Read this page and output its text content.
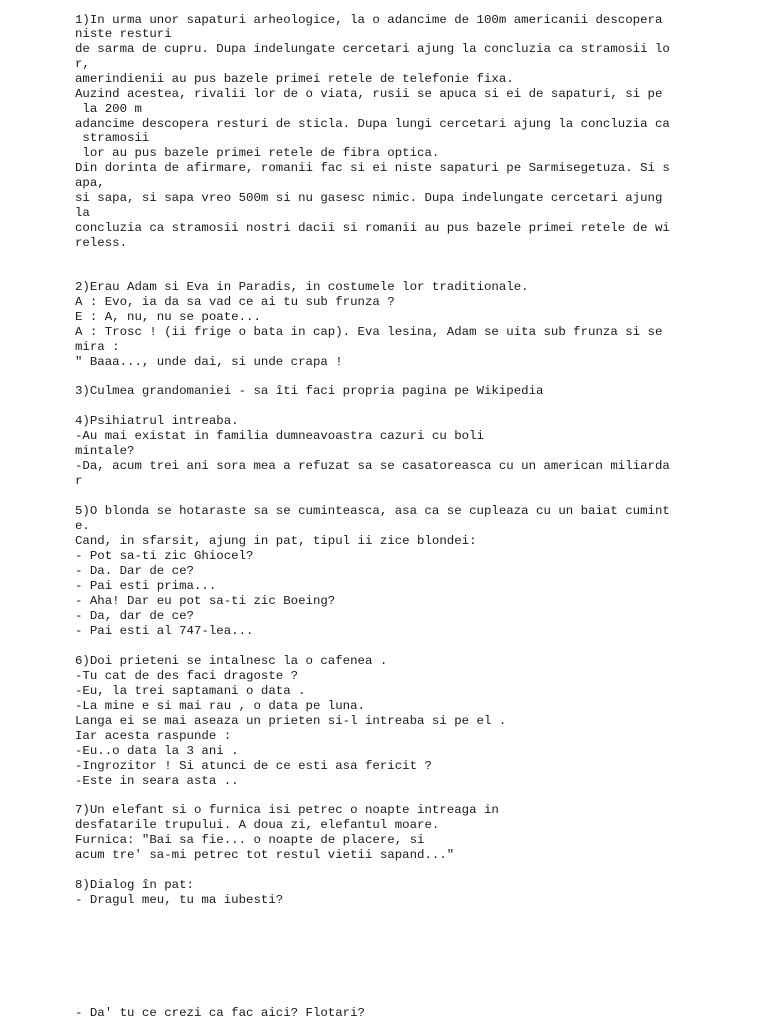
1)In urma unor sapaturi arheologice, la o adancime de 100m americanii descopera

niste resturi

de sarma de cupru. Dupa indelungate cercetari ajung la concluzia ca stramosii lo

r,

amerindienii au pus bazele primei retele de telefonie fixa.

Auzind acestea, rivalii lor de o viata, rusii se apuca si ei de sapaturi, si pe

la 200 m

adancime descopera resturi de sticla. Dupa lungi cercetari ajung la concluzia ca

stramosii

lor au pus bazele primei retele de fibra optica.

Din dorinta de afirmare, romanii fac si ei niste sapaturi pe Sarmisegetuza. Si s

apa,

si sapa, si sapa vreo 500m si nu gasesc nimic. Dupa indelungate cercetari ajung

la

concluzia ca stramosii nostri dacii si romanii au pus bazele primei retele de wi

reless.

2)Erau Adam si Eva in Paradis, in costumele lor traditionale.

A : Evo, ia da sa vad ce ai tu sub frunza ?

E : A, nu, nu se poate...

A : Trosc ! (ii frige o bata in cap). Eva lesina, Adam se uita sub frunza si se

mira :

" Baaa..., unde dai, si unde crapa !

3)Culmea grandomaniei - sa îti faci propria pagina pe Wikipedia

4)Psihiatrul intreaba.

-Au mai existat in familia dumneavoastra cazuri cu boli

mintale?

-Da, acum trei ani sora mea a refuzat sa se casatoreasca cu un american miliarda

r

5)O blonda se hotaraste sa se cuminteasca, asa ca se cupleaza cu un baiat cumint

e.

Cand, in sfarsit, ajung in pat, tipul ii zice blondei:

- Pot sa-ti zic Ghiocel?

- Da. Dar de ce?

- Pai esti prima...

- Aha! Dar eu pot sa-ti zic Boeing?

- Da, dar de ce?

- Pai esti al 747-lea...

6)Doi prieteni se intalnesc la o cafenea .

-Tu cat de des faci dragoste ?

-Eu, la trei saptamani o data .

-La mine e si mai rau , o data pe luna.

Langa ei se mai aseaza un prieten si-l intreaba si pe el .

Iar acesta raspunde :

-Eu..o data la 3 ani .

-Ingrozitor ! Si atunci de ce esti asa fericit ?

-Este in seara asta ..

7)Un elefant si o furnica isi petrec o noapte intreaga in

desfatarile trupului. A doua zi, elefantul moare.

Furnica: "Bai sa fie... o noapte de placere, si

acum tre' sa-mi petrec tot restul vietii sapand..."

8)Dialog în pat:

- Dragul meu, tu ma iubesti?

- Da' tu ce crezi ca fac aici? Flotari?
